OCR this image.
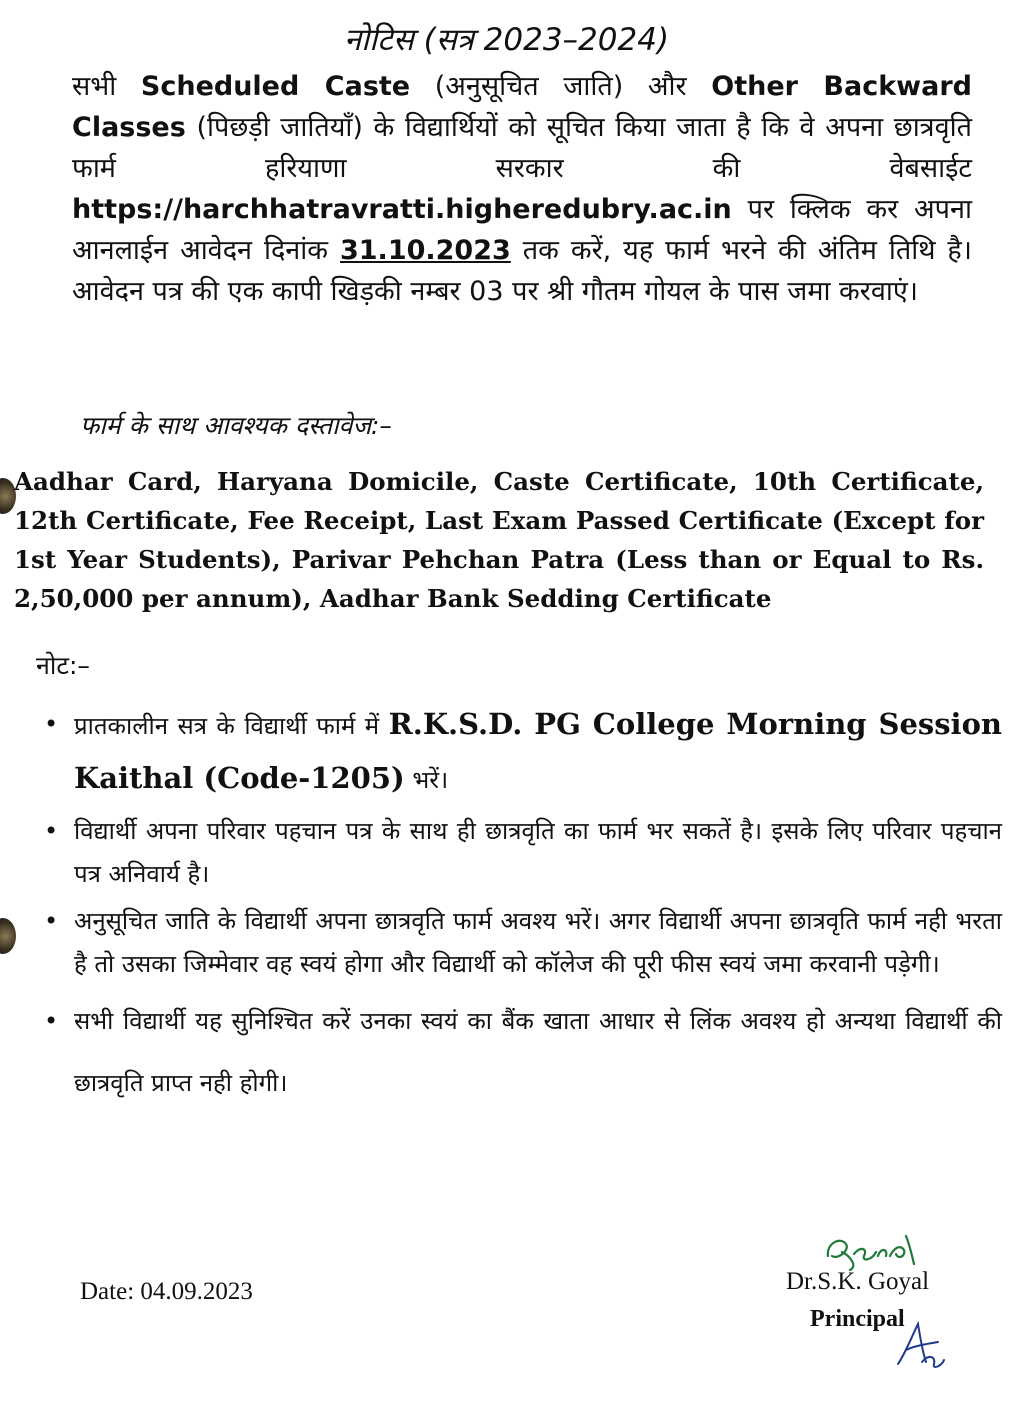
नोटिस (सत्र 2023–2024)
सभी Scheduled Caste (अनुसूचित जाति) और Other Backward Classes (पिछड़ी जातियाँ) के विद्यार्थियों को सूचित किया जाता है कि वे अपना छात्रवृति फार्म हरियाणा सरकार की वेबसाईट https://harchhatravratti.higheredubry.ac.in पर क्लिक कर अपना आनलाईन आवेदन दिनांक 31.10.2023 तक करें, यह फार्म भरने की अंतिम तिथि है। आवेदन पत्र की एक कापी खिड़की नम्बर 03 पर श्री गौतम गोयल के पास जमा करवाएं।
फार्म के साथ आवश्यक दस्तावेज:–
Aadhar Card, Haryana Domicile, Caste Certificate, 10th Certificate, 12th Certificate, Fee Receipt, Last Exam Passed Certificate (Except for 1st Year Students), Parivar Pehchan Patra (Less than or Equal to Rs. 2,50,000 per annum), Aadhar Bank Sedding Certificate
नोट:–
• प्रातकालीन सत्र के विद्यार्थी फार्म में R.K.S.D. PG College Morning Session Kaithal (Code-1205) भरें।
• विद्यार्थी अपना परिवार पहचान पत्र के साथ ही छात्रवृति का फार्म भर सकतें है। इसके लिए परिवार पहचान पत्र अनिवार्य है।
• अनुसूचित जाति के विद्यार्थी अपना छात्रवृति फार्म अवश्य भरें। अगर विद्यार्थी अपना छात्रवृति फार्म नही भरता है तो उसका जिम्मेवार वह स्वयं होगा और विद्यार्थी को कॉलेज की पूरी फीस स्वयं जमा करवानी पड़ेगी।
• सभी विद्यार्थी यह सुनिश्चित करें उनका स्वयं का बैंक खाता आधार से लिंक अवश्य हो अन्यथा विद्यार्थी की छात्रवृति प्राप्त नही होगी।
Date: 04.09.2023	Dr.S.K. Goyal
Principal
